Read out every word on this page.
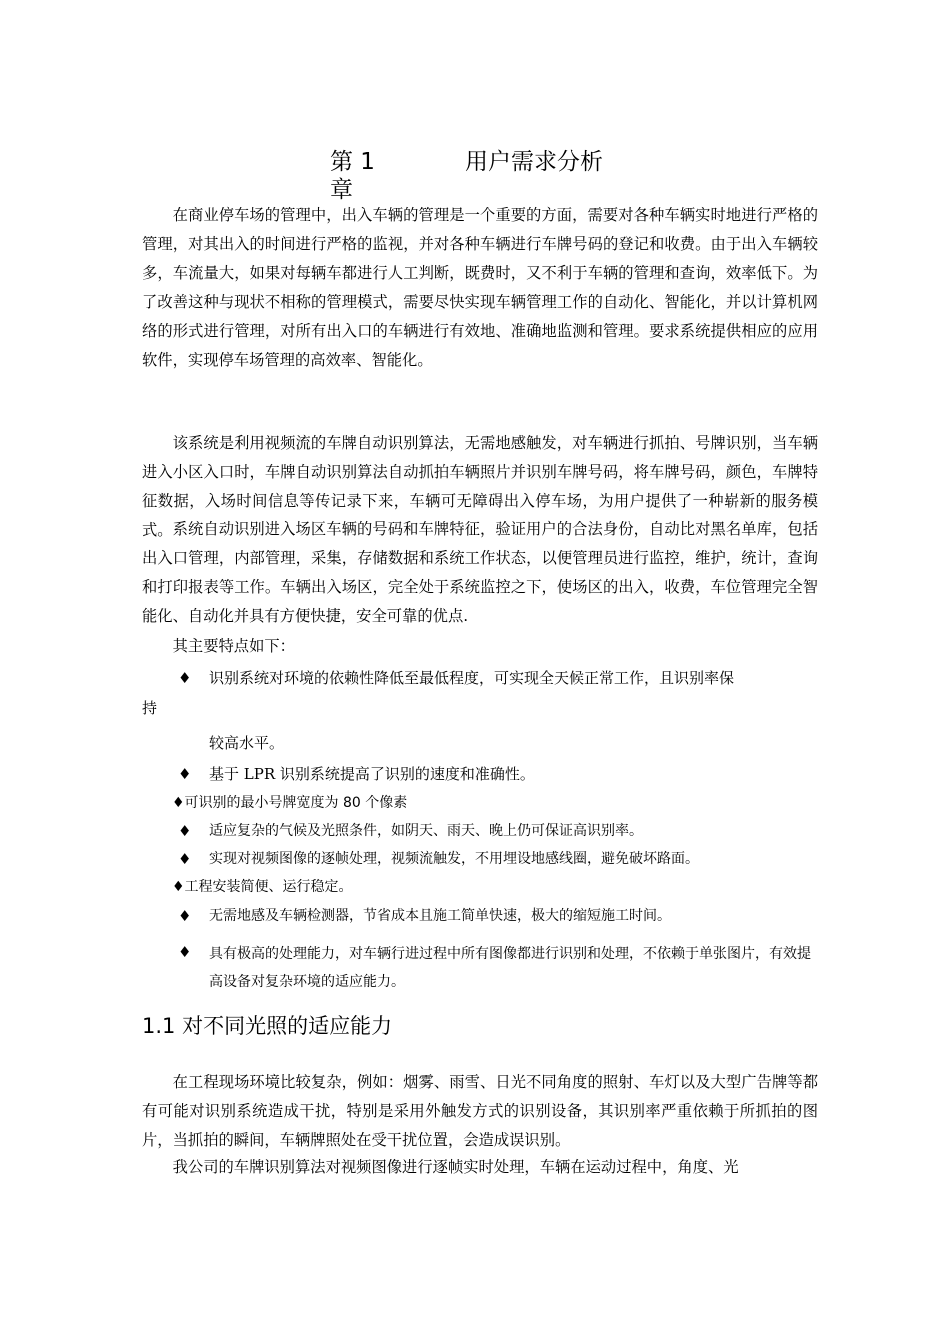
第 1 章
用户需求分析

在商业停车场的管理中，出入车辆的管理是一个重要的方面，需要对各种车辆实时地进行严格的管理，对其出入的时间进行严格的监视，并对各种车辆进行车牌号码的登记和收费。由于出入车辆较多，车流量大，如果对每辆车都进行人工判断，既费时，又不利于车辆的管理和查询，效率低下。为了改善这种与现状不相称的管理模式，需要尽快实现车辆管理工作的自动化、智能化，并以计算机网络的形式进行管理，对所有出入口的车辆进行有效地、准确地监测和管理。要求系统提供相应的应用软件，实现停车场管理的高效率、智能化。

该系统是利用视频流的车牌自动识别算法，无需地感触发，对车辆进行抓拍、号牌识别，当车辆进入小区入口时，车牌自动识别算法自动抓拍车辆照片并识别车牌号码，将车牌号码，颜色，车牌特征数据，入场时间信息等传记录下来，车辆可无障碍出入停车场，为用户提供了一种崭新的服务模式。 系统自动识别进入场区车辆的号码和车牌特征，验证用户的合法身份，自动比对黑名单库，包括出入口管理，内部管理，采集，存储数据和系统工作状态，以便管理员进行监控，维护，统计，查询和打印报表等工作。车辆出入场区，完全处于系统监控之下，使场区的出入，收费，车位管理完全智能化、自动化并具有方便快捷，安全可靠的优点.

其主要特点如下：

♦ 识别系统对环境的依赖性降低至最低程度，可实现全天候正常工作，且识别率保
持
较高水平。
♦ 基于 LPR 识别系统提高了识别的速度和准确性。
♦可识别的最小号牌宽度为 80 个像素
♦ 适应复杂的气候及光照条件，如阴天、雨天、晚上仍可保证高识别率。
♦ 实现对视频图像的逐帧处理，视频流触发，不用埋设地感线圈，避免破坏路面。
♦工程安装简便、运行稳定。
♦ 无需地感及车辆检测器，节省成本且施工简单快速，极大的缩短施工时间。
♦ 具有极高的处理能力，对车辆行进过程中所有图像都进行识别和处理，不依赖于单张图片，有效提高设备对复杂环境的适应能力。
1.1 对不同光照的适应能力

在工程现场环境比较复杂，例如：烟雾、雨雪、日光不同角度的照射、车灯以及大型广告牌等都有可能对识别系统造成干扰，特别是采用外触发方式的识别设备，其识别率严重依赖于所抓拍的图片，当抓拍的瞬间，车辆牌照处在受干扰位置，会造成误识别。

我公司的车牌识别算法对视频图像进行逐帧实时处理，车辆在运动过程中，角度、光
